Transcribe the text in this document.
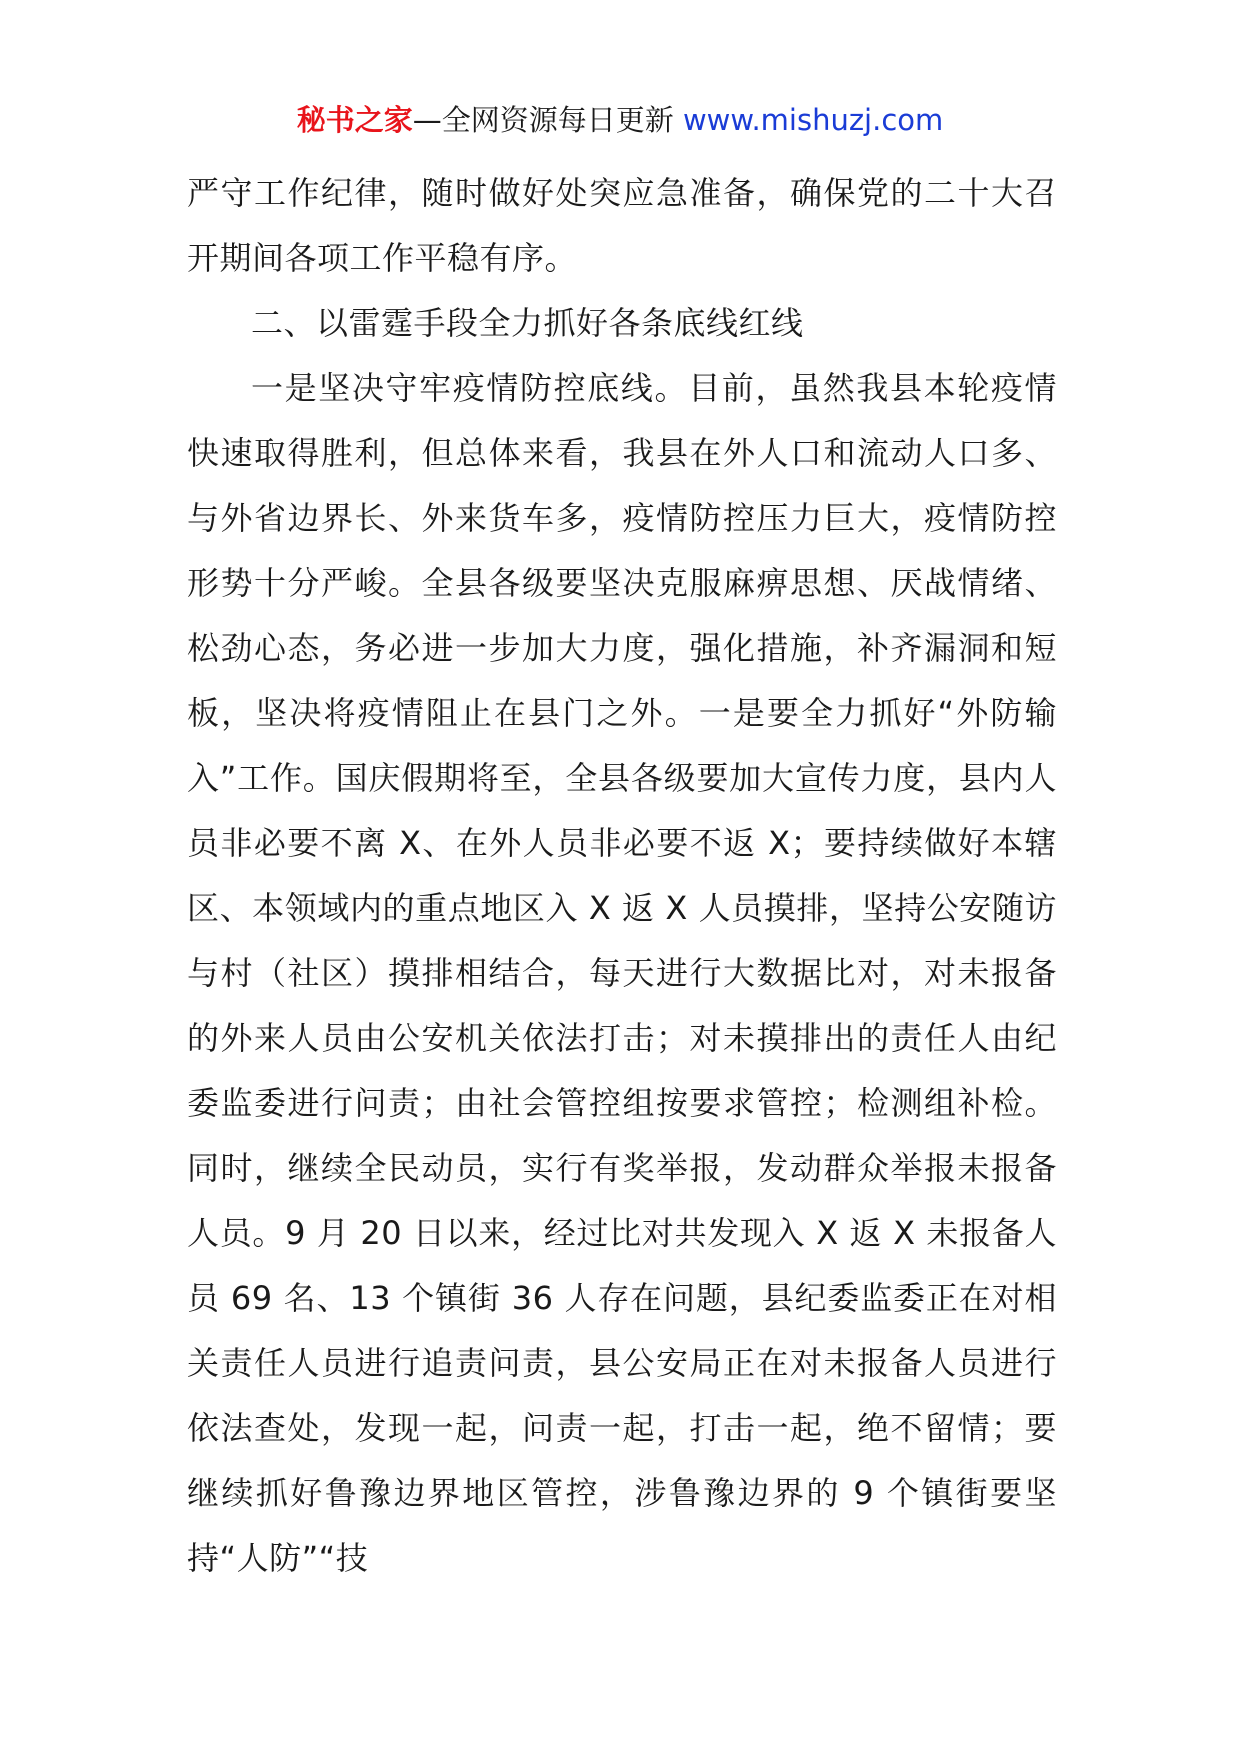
秘书之家—全网资源每日更新 www.mishuzj.com

严守工作纪律，随时做好处突应急准备，确保党的二十大召开期间各项工作平稳有序。

二、以雷霆手段全力抓好各条底线红线

一是坚决守牢疫情防控底线。目前，虽然我县本轮疫情快速取得胜利，但总体来看，我县在外人口和流动人口多、与外省边界长、外来货车多，疫情防控压力巨大，疫情防控形势十分严峻。全县各级要坚决克服麻痹思想、厌战情绪、松劲心态，务必进一步加大力度，强化措施，补齐漏洞和短板，坚决将疫情阻止在县门之外。一是要全力抓好“外防输入”工作。国庆假期将至，全县各级要加大宣传力度，县内人员非必要不离 X、在外人员非必要不返 X；要持续做好本辖区、本领域内的重点地区入 X 返 X 人员摸排，坚持公安随访与村（社区）摸排相结合，每天进行大数据比对，对未报备的外来人员由公安机关依法打击；对未摸排出的责任人由纪委监委进行问责；由社会管控组按要求管控；检测组补检。同时，继续全民动员，实行有奖举报，发动群众举报未报备人员。9 月 20 日以来，经过比对共发现入 X 返 X 未报备人员 69 名、13 个镇街 36 人存在问题，县纪委监委正在对相关责任人员进行追责问责，县公安局正在对未报备人员进行依法查处，发现一起，问责一起，打击一起，绝不留情；要继续抓好鲁豫边界地区管控，涉鲁豫边界的 9 个镇街要坚持“人防”“技
